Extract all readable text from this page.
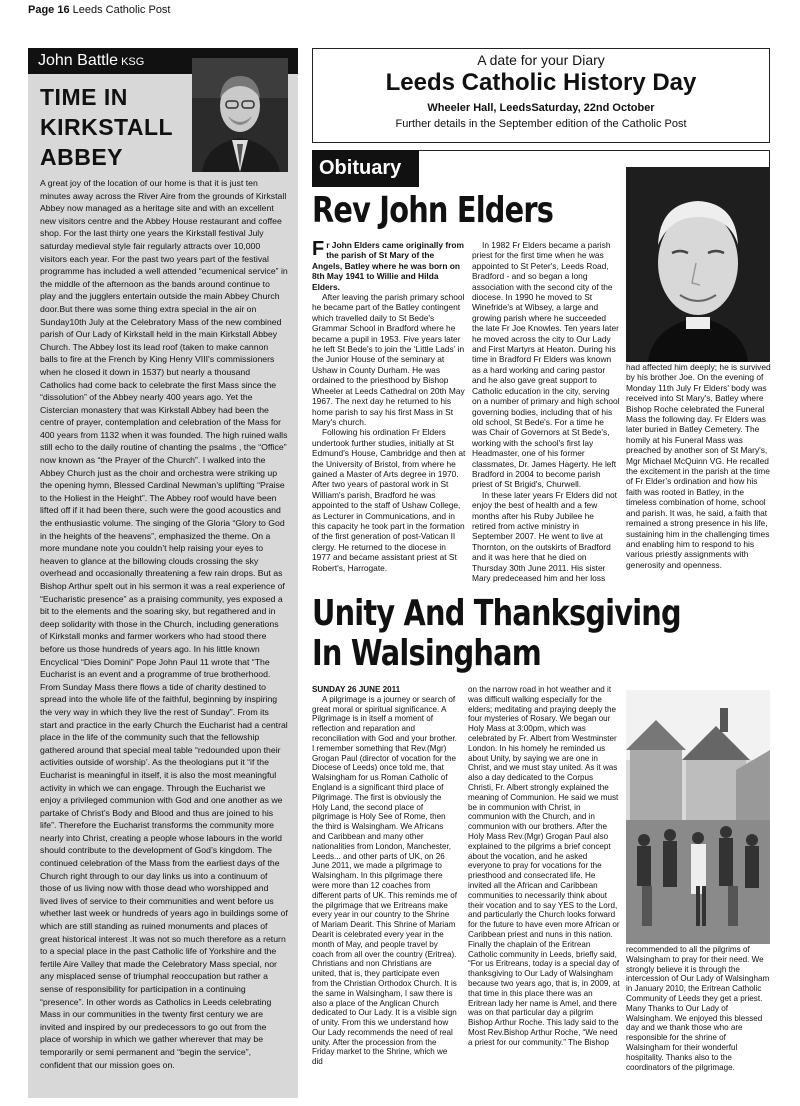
Page 16 Leeds Catholic Post
John Battle KSG
TIME IN
KIRKSTALL
ABBEY

A great joy of the location of our home is that it is just ten minutes away across the River Aire from the grounds of Kirkstall Abbey now managed as a heritage site and with an excellent new visitors centre and the Abbey House restaurant and coffee shop. For the last thirty one years the Kirkstall festival July saturday medieval style fair regularly attracts over 10,000 visitors each year. For the past two years part of the festival programme has included a well attended “ecumenical service” in the middle of the afternoon as the bands around continue to play and the jugglers entertain outside the main Abbey Church door.But there was some thing extra special in the air on Sunday10th July at the Celebratory Mass of the new combined parish of Our Lady of Kirkstall held in the main Kirkstall Abbey Church. The Abbey lost its lead roof (taken to make cannon balls to fire at the French by King Henry VIII's commissioners when he closed it down in 1537) but nearly a thousand Catholics had come back to celebrate the first Mass since the “dissolution” of the Abbey nearly 400 years ago. Yet the Cistercian monastery that was Kirkstall Abbey had been the centre of prayer, contemplation and celebration of the Mass for 400 years from 1132 when it was founded. The high ruined walls still echo to the daily routine of chanting the psalms , the “Office” now known as “the Prayer of the Church”. I walked into the Abbey Church just as the choir and orchestra were striking up the opening hymn, Blessed Cardinal Newman’s uplifting “Praise to the Holiest in the Height”. The Abbey roof would have been lifted off if it had been there, such were the good acoustics and the enthusiastic volume. The singing of the Gloria “Glory to God in the heights of the heavens”, emphasized the theme. On a more mundane note you couldn’t help raising your eyes to heaven to glance at the billowing clouds crossing the sky overhead and occasionally threatening a few rain drops. But as Bishop Arthur spelt out in his sermon it was a real experience of “Eucharistic presence” as a praising community, yes exposed a bit to the elements and the soaring sky, but regathered and in deep solidarity with those in the Church, including generations of Kirkstall monks and farmer workers who had stood there before us those hundreds of years ago. In his little known Encyclical “Dies Domini” Pope John Paul 11 wrote that “The Eucharist is an event and a programme of true brotherhood. From Sunday Mass there flows a tide of charity destined to spread into the whole life of the faithful, beginning by inspiring the very way in which they live the rest of Sunday”. From its start and practice in the early Church the Eucharist had a central place in the life of the community such that the fellowship gathered around that special meal table “redounded upon their activities outside of worship’. As the theologians put it “if the Eucharist is meaningful in itself, it is also the most meaningful activity in which we can engage. Through the Eucharist we enjoy a privileged communion with God and one another as we partake of Christ’s Body and Blood and thus are joined to his life”. Therefore the Eucharist transforms the community more nearly into Christ, creating a people whose labours in the world should contribute to the development of God’s kingdom. The continued celebration of the Mass from the earliest days of the Church right through to our day links us into a continuum of those of us living now with those dead who worshipped and lived lives of service to their communities and went before us whether last week or hundreds of years ago in buildings some of which are still standing as ruined monuments and places of great historical interest .It was not so much therefore as a return to a special place in the past Catholic life of Yorkshire and the fertile Aire Valley that made the Celebratory Mass special, nor any misplaced sense of triumphal reoccupation but rather a sense of responsibility for participation in a continuing “presence”. In other words as Catholics in Leeds celebrating Mass in our communities in the twenty first century we are invited and inspired by our predecessors to go out from the place of worship in which we gather wherever that may be temporarily or semi permanent and “begin the service”, confident that our mission goes on.

A date for your Diary
Leeds Catholic History Day
Wheeler Hall, LeedsSaturday, 22nd October
Further details in the September edition of the Catholic Post
Obituary
Rev John Elders

Fr John Elders came originally from the parish of St Mary of the Angels, Batley where he was born on 8th May 1941 to Willie and Hilda Elders.

After leaving the parish primary school he became part of the Batley contingent which travelled daily to St Bede's Grammar School in Bradford where he became a pupil in 1953. Five years later he left St Bede's to join the ‘Little Lads’ in the Junior House of the seminary at Ushaw in County Durham. He was ordained to the priesthood by Bishop Wheeler at Leeds Cathedral on 20th May 1967. The next day he returned to his home parish to say his first Mass in St Mary's church.

Following his ordination Fr Elders undertook further studies, initially at St Edmund's House, Cambridge and then at the University of Bristol, from where he gained a Master of Arts degree in 1970. After two years of pastoral work in St William's parish, Bradford he was appointed to the staff of Ushaw College, as Lecturer in Communications, and in this capacity he took part in the formation of the first generation of post-Vatican II clergy. He returned to the diocese in 1977 and became assistant priest at St Robert's, Harrogate.

In 1982 Fr Elders became a parish priest for the first time when he was appointed to St Peter's, Leeds Road, Bradford - and so began a long association with the second city of the diocese. In 1990 he moved to St Winefride's at Wibsey, a large and growing parish where he succeeded the late Fr Joe Knowles. Ten years later he moved across the city to Our Lady and First Martyrs at Heaton. During his time in Bradford Fr Elders was known as a hard working and caring pastor and he also gave great support to Catholic education in the city, serving on a number of primary and high school governing bodies, including that of his old school, St Bede's. For a time he was Chair of Governors at St Bede's, working with the school's first lay Headmaster, one of his former classmates, Dr. James Hagerty. He left Bradford in 2004 to become parish priest of St Brigid's, Churwell.

In these later years Fr Elders did not enjoy the best of health and a few months after his Ruby Jubilee he retired from active ministry in September 2007. He went to live at Thornton, on the outskirts of Bradford and it was here that he died on Thursday 30th June 2011. His sister Mary predeceased him and her loss

had affected him deeply; he is survived by his brother Joe. On the evening of Monday 11th July Fr Elders' body was received into St Mary's, Batley where Bishop Roche celebrated the Funeral Mass the following day. Fr Elders was later buried in Batley Cemetery. The homily at his Funeral Mass was preached by another son of St Mary's, Mgr Michael McQuinn VG. He recalled the excitement in the parish at the time of Fr Elder’s ordination and how his faith was rooted in Batley, in the timeless combination of home, school and parish. It was, he said, a faith that remained a strong presence in his life, sustaining him in the challenging times and enabling him to respond to his various priestly assignments with generosity and openness.

Unity And Thanksgiving
In Walsingham

SUNDAY 26 JUNE 2011

A pilgrimage is a journey or search of great moral or spiritual significance. A Pilgrimage is in itself a moment of reflection and reparation and reconciliation with God and your brother. I remember something that Rev.(Mgr) Grogan Paul (director of vocation for the Diocese of Leeds) once told me, that Walsingham for us Roman Catholic of England is a significant third place of Pilgrimage. The first is obviously the Holy Land, the second place of pilgrimage is Holy See of Rome, then the third is Walsingham. We Africans and Caribbean and many other nationalities from London, Manchester, Leeds... and other parts of UK, on 26 June 2011, we made a pilgrimage to Walsingham. In this pilgrimage there were more than 12 coaches from different parts of UK. This reminds me of the pilgrimage that we Eritreans make every year in our country to the Shrine of Mariam Dearit. This Shrine of Mariam Dearit is celebrated every year in the month of May, and people travel by coach from all over the country (Eritrea). Christians and non Christians are united, that is, they participate even from the Christian Orthodox Church. It is the same in Walsingham, I saw there is also a place of the Anglican Church dedicated to Our Lady. It is a visible sign of unity. From this we understand how Our Lady recommends the need of real unity. After the procession from the Friday market to the Shrine, which we did

on the narrow road in hot weather and it was difficult walking especially for the elders; meditating and praying deeply the four mysteries of Rosary. We began our Holy Mass at 3:00pm, which was celebrated by Fr. Albert from Westminster London. In his homely he reminded us about Unity, by saying we are one in Christ, and we must stay united. As it was also a day dedicated to the Corpus Christi, Fr. Albert strongly explained the meaning of Communion. He said we must be in communion with Christ, in communion with the Church, and in communion with our brothers. After the Holy Mass Rev.(Mgr) Grogan Paul also explained to the pilgrims a brief concept about the vocation, and he asked everyone to pray for vocations for the priesthood and consecrated life. He invited all the African and Caribbean communities to necessarily think about their vocation and to say YES to the Lord, and particularly the Church looks forward for the future to have even more African or Caribbean priest and nuns in this nation. Finally the chaplain of the Eritrean Catholic community in Leeds, briefly said, “For us Eritreans, today is a special day of thanksgiving to Our Lady of Walsingham because two years ago, that is, in 2009, at that time in this place there was an Eritrean lady her name is Amel, and there was on that particular day a pilgrim Bishop Arthur Roche. This lady said to the Most Rev.Bishop Arthur Roche, “We need a priest for our community.” The Bishop

recommended to all the pilgrims of Walsingham to pray for their need. We strongly believe it is through the intercession of Our Lady of Walsingham in January 2010, the Eritrean Catholic Community of Leeds they get a priest. Many Thanks to Our Lady of Walsingham. We enjoyed this blessed day and we thank those who are responsible for the shrine of Walsingham for their wonderful hospitality. Thanks also to the coordinators of the pilgrimage.
